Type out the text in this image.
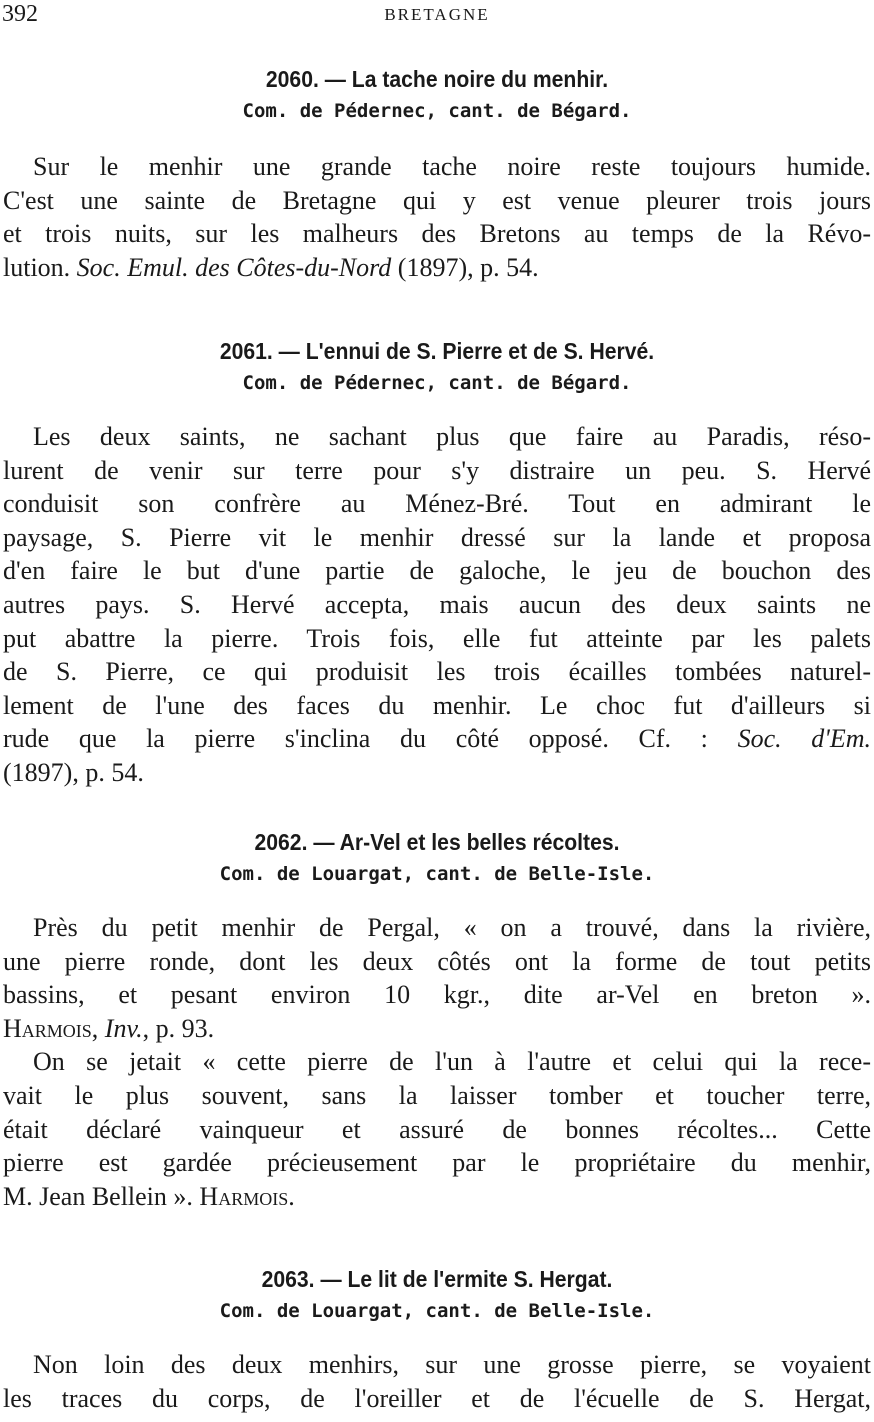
392	BRETAGNE
2060. — La tache noire du menhir.
Com. de Pédernec, cant. de Bégard.
Sur le menhir une grande tache noire reste toujours humide.
C'est une sainte de Bretagne qui y est venue pleurer trois jours
et trois nuits, sur les malheurs des Bretons au temps de la Révo-
lution. Soc. Emul. des Côtes-du-Nord (1897), p. 54.
2061. — L'ennui de S. Pierre et de S. Hervé.
Com. de Pédernec, cant. de Bégard.
Les deux saints, ne sachant plus que faire au Paradis, réso-
lurent de venir sur terre pour s'y distraire un peu. S. Hervé
conduisit son confrère au Ménez-Bré. Tout en admirant le
paysage, S. Pierre vit le menhir dressé sur la lande et proposa
d'en faire le but d'une partie de galoche, le jeu de bouchon des
autres pays. S. Hervé accepta, mais aucun des deux saints ne
put abattre la pierre. Trois fois, elle fut atteinte par les palets
de S. Pierre, ce qui produisit les trois écailles tombées naturel-
lement de l'une des faces du menhir. Le choc fut d'ailleurs si
rude que la pierre s'inclina du côté opposé. Cf. : Soc. d'Em.
(1897), p. 54.
2062. — Ar-Vel et les belles récoltes.
Com. de Louargat, cant. de Belle-Isle.
Près du petit menhir de Pergal, « on a trouvé, dans la rivière,
une pierre ronde, dont les deux côtés ont la forme de tout petits
bassins, et pesant environ 10 kgr., dite ar-Vel en breton ».
Harmois, Inv., p. 93.
On se jetait « cette pierre de l'un à l'autre et celui qui la rece-
vait le plus souvent, sans la laisser tomber et toucher terre,
était déclaré vainqueur et assuré de bonnes récoltes... Cette
pierre est gardée précieusement par le propriétaire du menhir,
M. Jean Bellein ». Harmois.
2063. — Le lit de l'ermite S. Hergat.
Com. de Louargat, cant. de Belle-Isle.
Non loin des deux menhirs, sur une grosse pierre, se voyaient
les traces du corps, de l'oreiller et de l'écuelle de S. Hergat,
